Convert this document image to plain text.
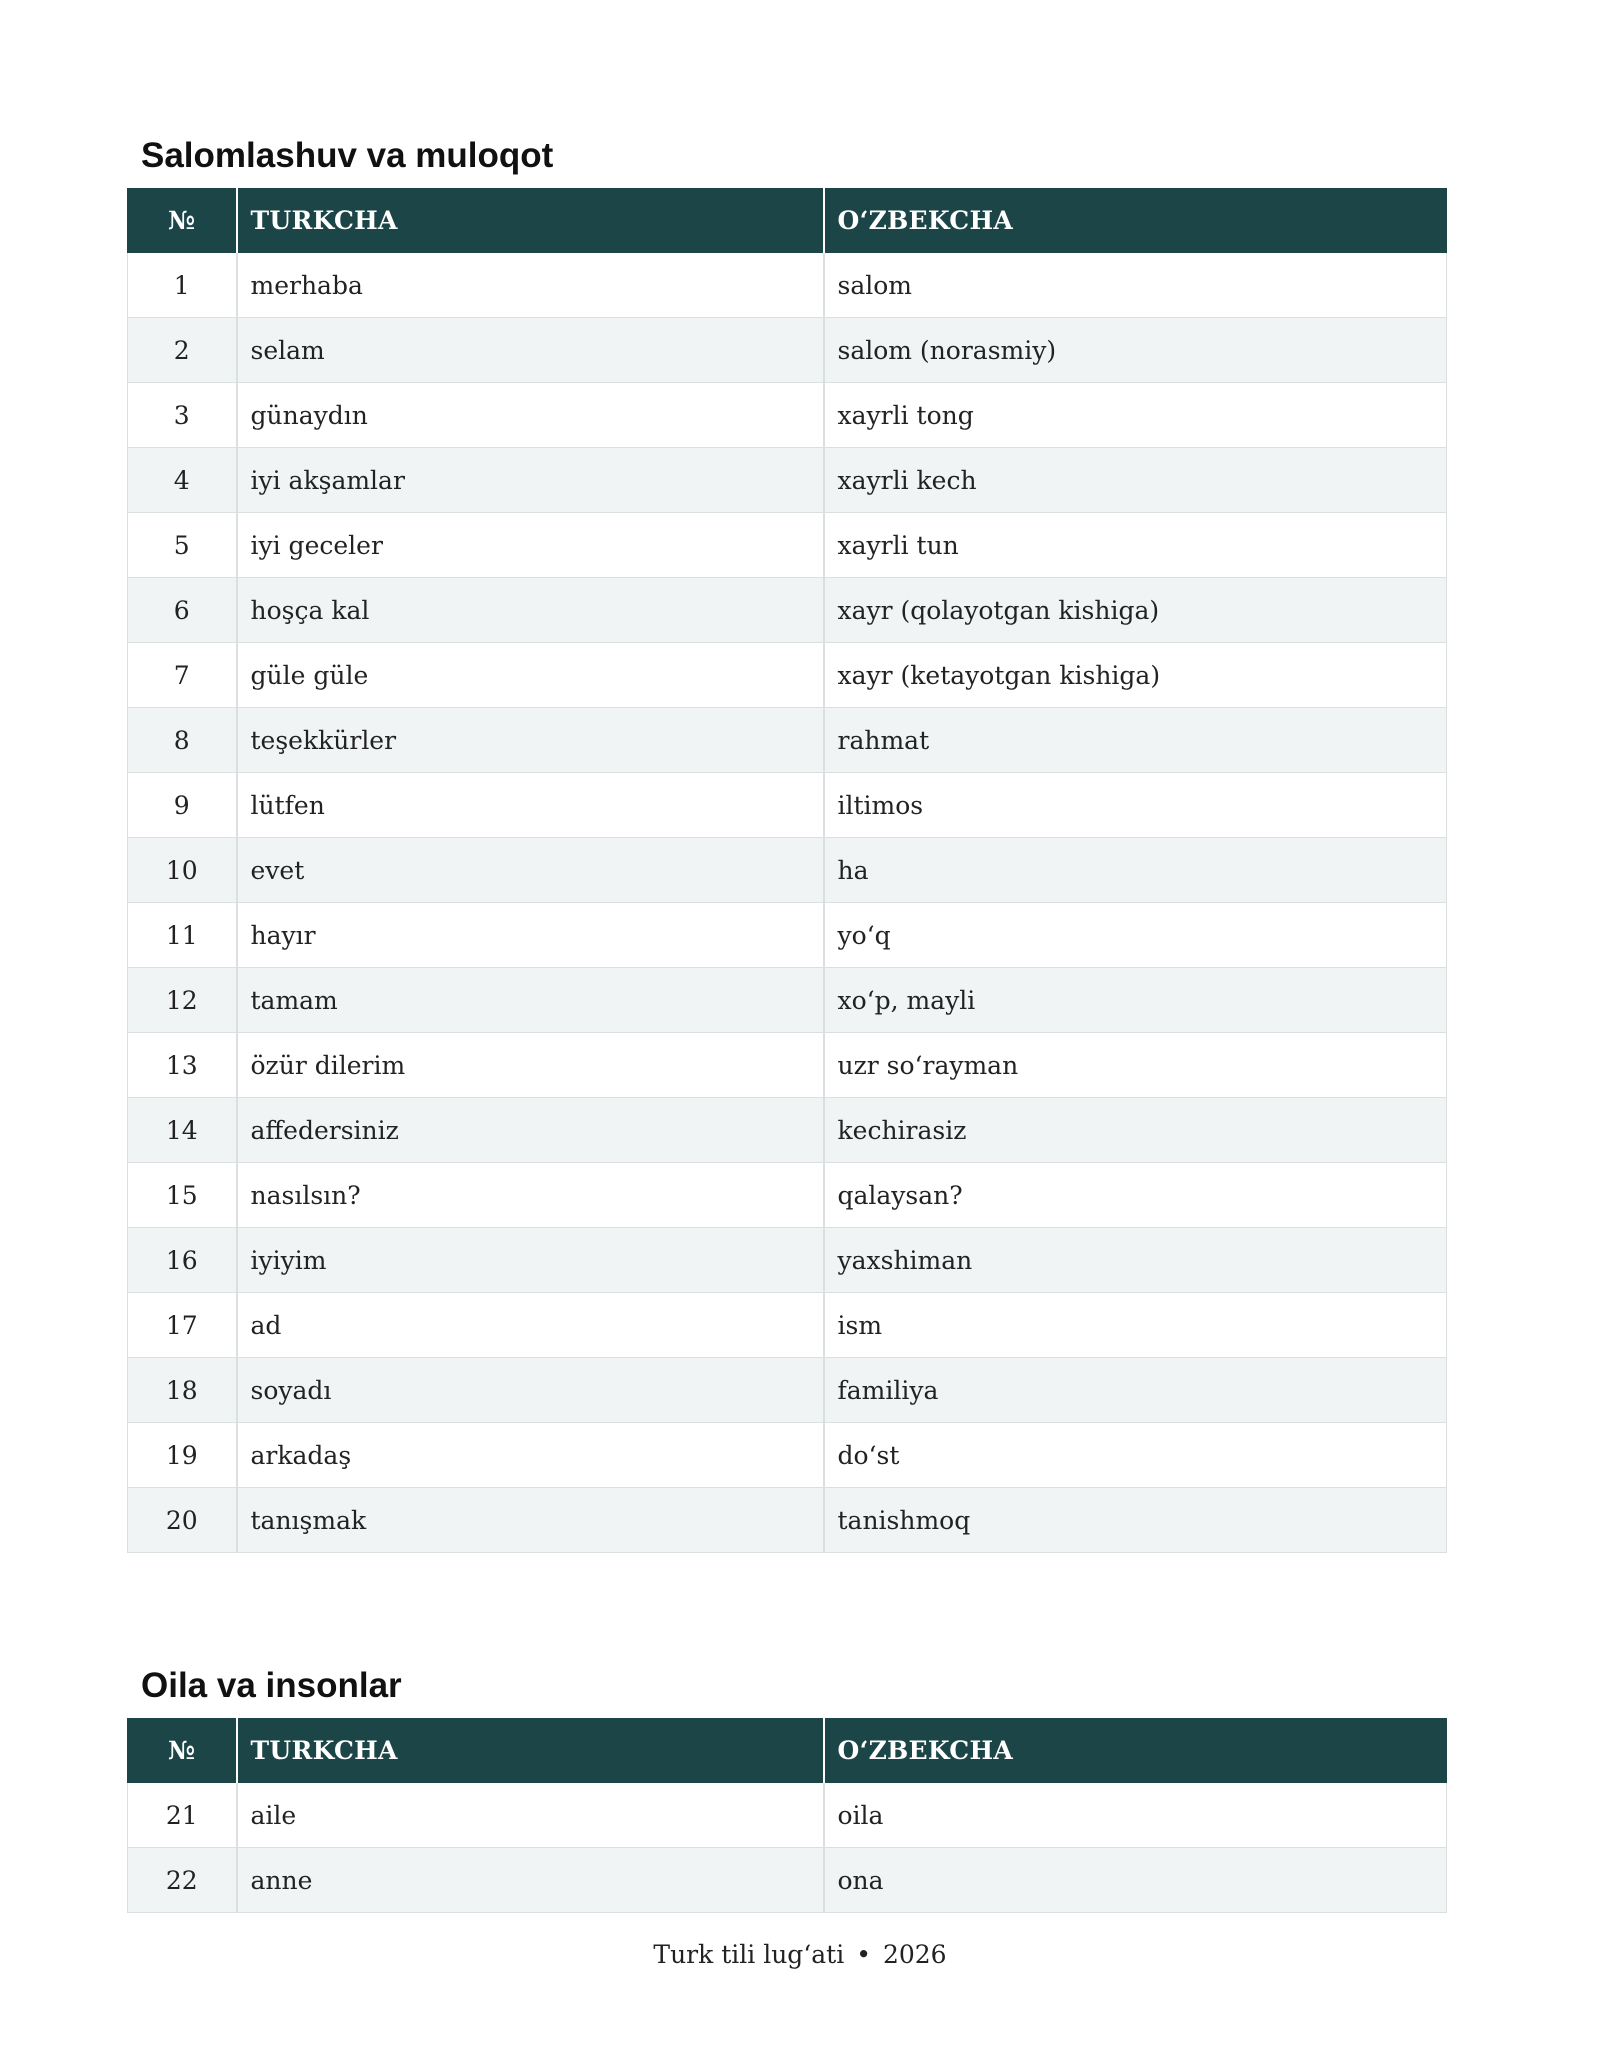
Salomlashuv va muloqot
№	TURKCHA	O‘ZBEKCHA
1	merhaba	salom
2	selam	salom (norasmiy)
3	günaydın	xayrli tong
4	iyi akşamlar	xayrli kech
5	iyi geceler	xayrli tun
6	hoşça kal	xayr (qolayotgan kishiga)
7	güle güle	xayr (ketayotgan kishiga)
8	teşekkürler	rahmat
9	lütfen	iltimos
10	evet	ha
11	hayır	yo‘q
12	tamam	xo‘p, mayli
13	özür dilerim	uzr so‘rayman
14	affedersiniz	kechirasiz
15	nasılsın?	qalaysan?
16	iyiyim	yaxshiman
17	ad	ism
18	soyadı	familiya
19	arkadaş	do‘st
20	tanışmak	tanishmoq
Oila va insonlar
№	TURKCHA	O‘ZBEKCHA
21	aile	oila
22	anne	ona
Turk tili lug‘ati • 2026
